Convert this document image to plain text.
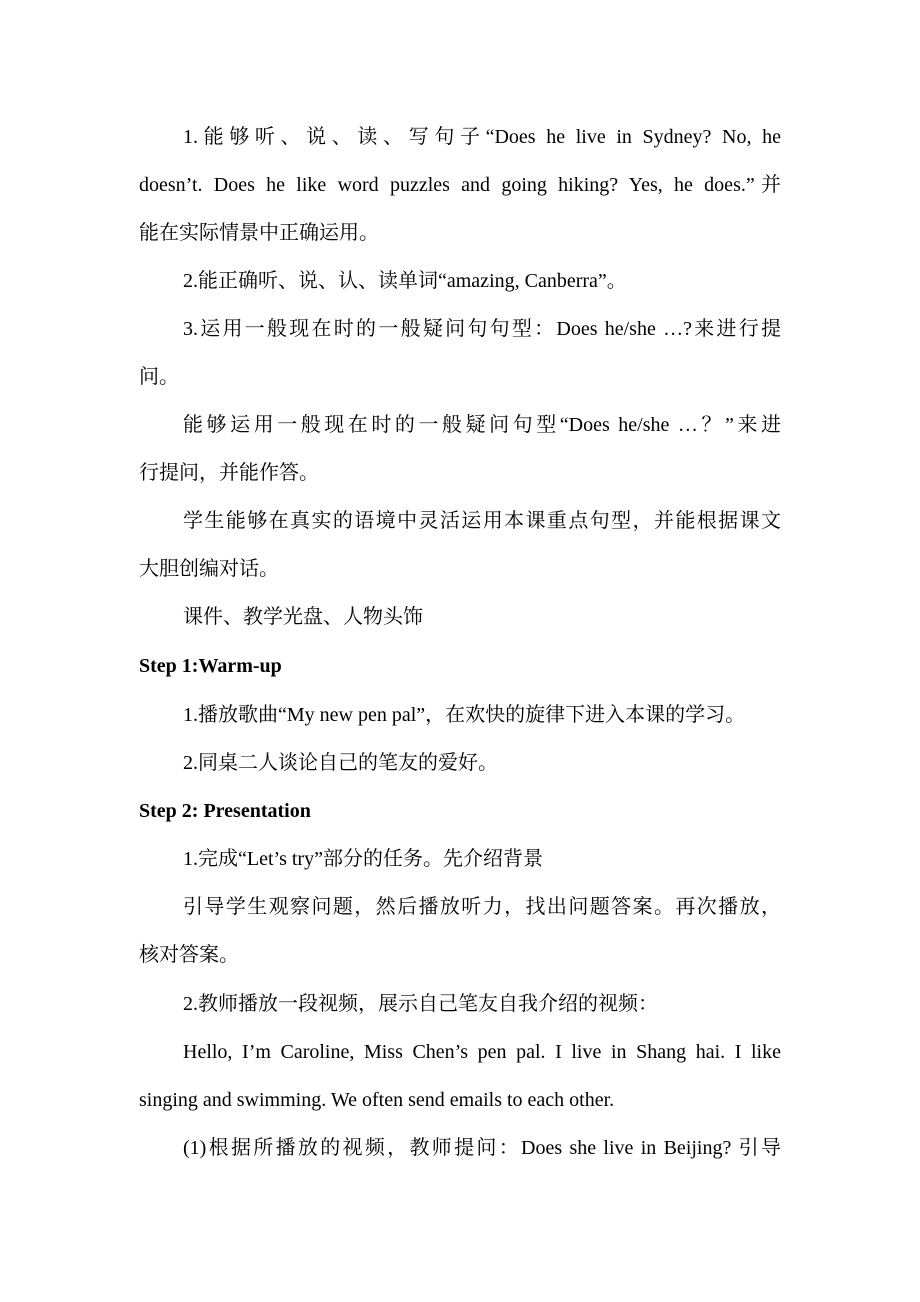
1.能够听、说、读、写句子“Does he live in Sydney? No, he
doesn’t. Does he like word puzzles and going hiking? Yes, he does.”并
能在实际情景中正确运用。
2.能正确听、说、认、读单词“amazing, Canberra”。
3.运用一般现在时的一般疑问句句型：Does he/she …?来进行提
问。
能够运用一般现在时的一般疑问句型“Does he/she …？”来进
行提问，并能作答。
学生能够在真实的语境中灵活运用本课重点句型，并能根据课文
大胆创编对话。
课件、教学光盘、人物头饰
Step 1:Warm-up
1.播放歌曲“My new pen pal”，在欢快的旋律下进入本课的学习。
2.同桌二人谈论自己的笔友的爱好。
Step 2: Presentation
1.完成“Let’s try”部分的任务。先介绍背景
引导学生观察问题，然后播放听力，找出问题答案。再次播放，
核对答案。
2.教师播放一段视频，展示自己笔友自我介绍的视频：
Hello, I’m Caroline, Miss Chen’s pen pal. I live in Shang hai. I like
singing and swimming. We often send emails to each other.
(1)根据所播放的视频，教师提问：Does she live in Beijing? 引导
